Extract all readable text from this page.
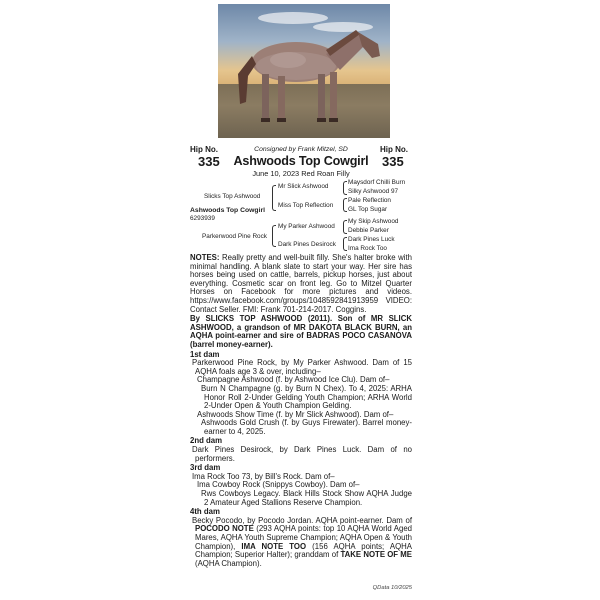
Hip No.	Consigned by Frank Mitzel, SD	Hip No.
335	Ashwoods Top Cowgirl	335
June 10, 2023 Red Roan Filly
Slicks Top Ashwood
Ashwoods Top Cowgirl
6293939
Parkerwood Pine Rock
Mr Slick Ashwood
Miss Top Reflection
My Parker Ashwood
Dark Pines Desirock
Maysdorf Chilli Burn
Silky Ashwood 97
Pale Reflection
GL Top Sugar
My Skip Ashwood
Debbie Parker
Dark Pines Luck
Ima Rock Too

NOTES: Really pretty and well-built filly. She's halter broke with minimal handling. A blank slate to start your way. Her sire has horses being used on cattle, barrels, pickup horses, just about everything. Cosmetic scar on front leg. Go to Mitzel Quarter Horses on Facebook for more pictures and videos. https://www.facebook.com/groups/1048592841913959 VIDEO: Contact Seller. FMI: Frank 701-214-2017. Coggins.

By SLICKS TOP ASHWOOD (2011). Son of MR SLICK ASHWOOD, a grandson of MR DAKOTA BLACK BURN, an AQHA point-earner and sire of BADRAS POCO CASANOVA (barrel money-earner).

1st dam

Parkerwood Pine Rock, by My Parker Ashwood. Dam of 15 AQHA foals age 3 & over, including–

Champagne Ashwood (f. by Ashwood Ice Clu). Dam of–

Burn N Champagne (g. by Burn N Chex). To 4, 2025: ARHA Honor Roll 2-Under Gelding Youth Champion; ARHA World 2-Under Open & Youth Champion Gelding.

Ashwoods Show Time (f. by Mr Slick Ashwood). Dam of–

Ashwoods Gold Crush (f. by Guys Firewater). Barrel money-earner to 4, 2025.

2nd dam

Dark Pines Desirock, by Dark Pines Luck. Dam of no performers.

3rd dam

Ima Rock Too 73, by Bill's Rock. Dam of–

Ima Cowboy Rock (Snippys Cowboy). Dam of–

Rws Cowboys Legacy. Black Hills Stock Show AQHA Judge 2 Amateur Aged Stallions Reserve Champion.

4th dam

Becky Pocodo, by Pocodo Jordan. AQHA point-earner. Dam of POCODO NOTE (293 AQHA points: top 10 AQHA World Aged Mares, AQHA Youth Supreme Champion; AQHA Open & Youth Champion), IMA NOTE TOO (156 AQHA points; AQHA Champion; Superior Halter); granddam of TAKE NOTE OF ME (AQHA Champion).

QData 10/2025
